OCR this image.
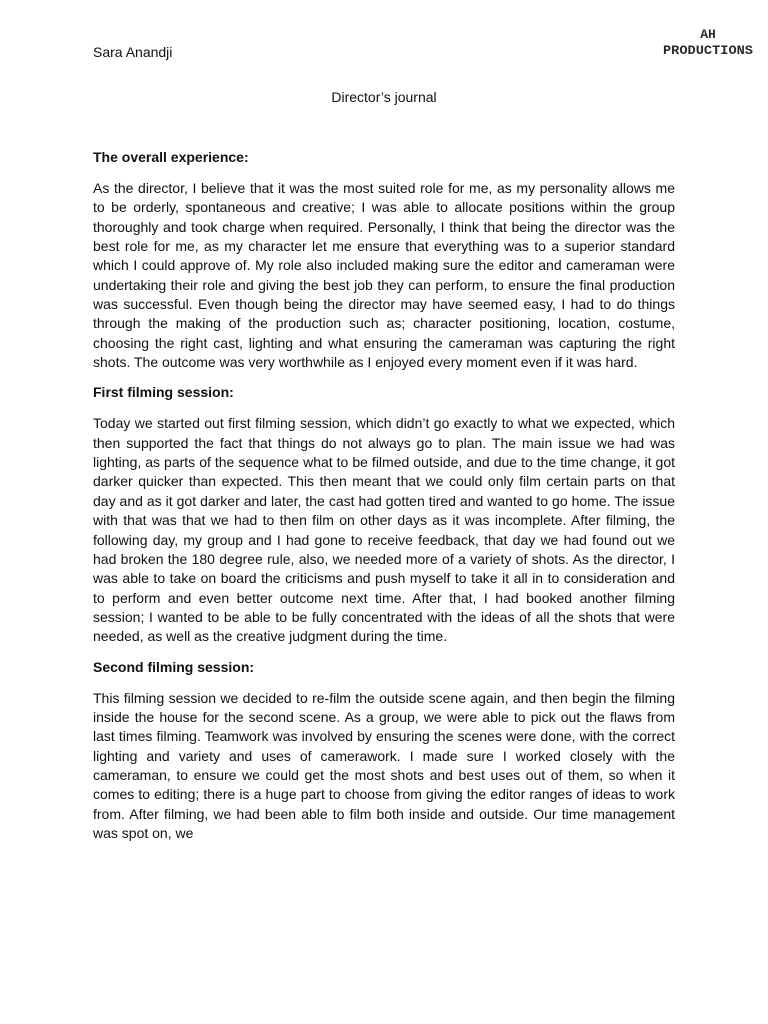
Sara Anandji
AH
PRODUCTIONS
Director’s journal
The overall experience:
As the director, I believe that it was the most suited role for me, as my personality allows me to be orderly, spontaneous and creative; I was able to allocate positions within the group thoroughly and took charge when required. Personally, I think that being the director was the best role for me, as my character let me ensure that everything was to a superior standard which I could approve of. My role also included making sure the editor and cameraman were undertaking their role and giving the best job they can perform, to ensure the final production was successful. Even though being the director may have seemed easy, I had to do things through the making of the production such as; character positioning, location, costume, choosing the right cast, lighting and what ensuring the cameraman was capturing the right shots. The outcome was very worthwhile as I enjoyed every moment even if it was hard.
First filming session:
Today we started out first filming session, which didn’t go exactly to what we expected, which then supported the fact that things do not always go to plan. The main issue we had was lighting, as parts of the sequence what to be filmed outside, and due to the time change, it got darker quicker than expected. This then meant that we could only film certain parts on that day and as it got darker and later, the cast had gotten tired and wanted to go home. The issue with that was that we had to then film on other days as it was incomplete. After filming, the following day, my group and I had gone to receive feedback, that day we had found out we had broken the 180 degree rule, also, we needed more of a variety of shots. As the director, I was able to take on board the criticisms and push myself to take it all in to consideration and to perform and even better outcome next time. After that, I had booked another filming session; I wanted to be able to be fully concentrated with the ideas of all the shots that were needed, as well as the creative judgment during the time.
Second filming session:
This filming session we decided to re-film the outside scene again, and then begin the filming inside the house for the second scene. As a group, we were able to pick out the flaws from last times filming. Teamwork was involved by ensuring the scenes were done, with the correct lighting and variety and uses of camerawork. I made sure I worked closely with the cameraman, to ensure we could get the most shots and best uses out of them, so when it comes to editing; there is a huge part to choose from giving the editor ranges of ideas to work from. After filming, we had been able to film both inside and outside. Our time management was spot on, we
